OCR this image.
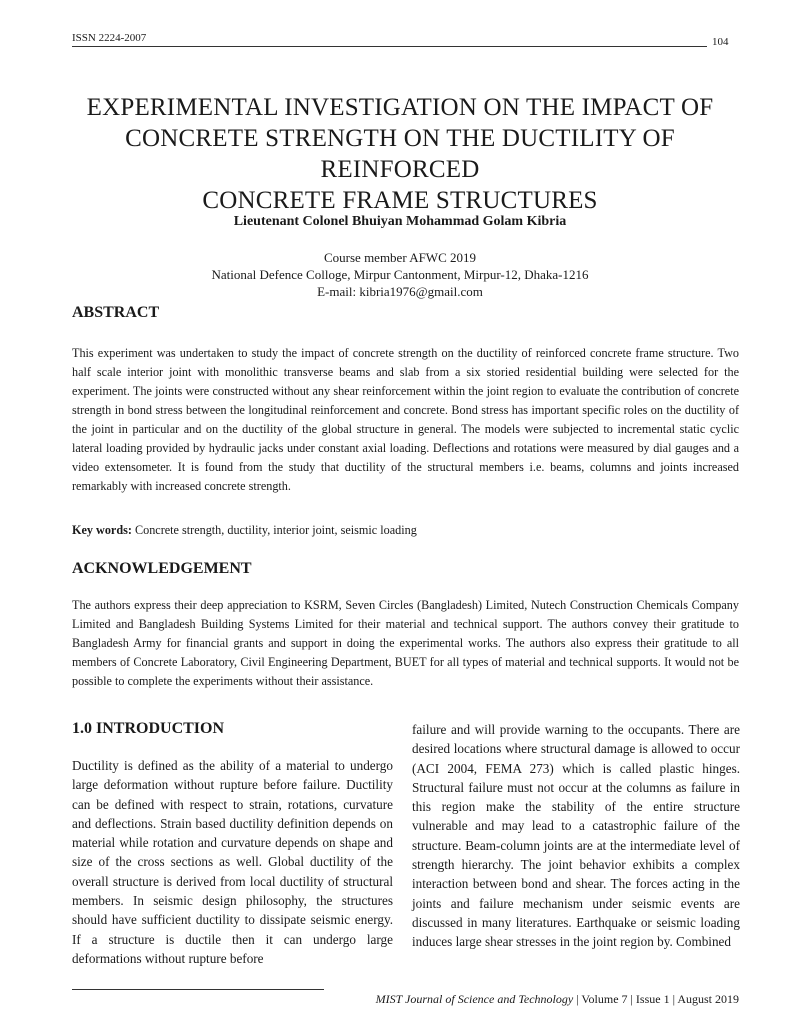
ISSN 2224-2007	104
EXPERIMENTAL INVESTIGATION ON THE IMPACT OF
CONCRETE STRENGTH ON THE DUCTILITY OF REINFORCED
CONCRETE FRAME STRUCTURES
Lieutenant Colonel Bhuiyan Mohammad Golam Kibria
Course member AFWC 2019
National Defence Colloge, Mirpur Cantonment, Mirpur-12, Dhaka-1216
E-mail: kibria1976@gmail.com
ABSTRACT
This experiment was undertaken to study the impact of concrete strength on the ductility of reinforced concrete frame structure. Two half scale interior joint with monolithic transverse beams and slab from a six storied residential building were selected for the experiment. The joints were constructed without any shear reinforcement within the joint region to evaluate the contribution of concrete strength in bond stress between the longitudinal reinforcement and concrete. Bond stress has important specific roles on the ductility of the joint in particular and on the ductility of the global structure in general. The models were subjected to incremental static cyclic lateral loading provided by hydraulic jacks under constant axial loading. Deflections and rotations were measured by dial gauges and a video extensometer. It is found from the study that ductility of the structural members i.e. beams, columns and joints increased remarkably with increased concrete strength.
Key words: Concrete strength, ductility, interior joint, seismic loading
ACKNOWLEDGEMENT
The authors express their deep appreciation to KSRM, Seven Circles (Bangladesh) Limited, Nutech Construction Chemicals Company Limited and Bangladesh Building Systems Limited for their material and technical support. The authors convey their gratitude to Bangladesh Army for financial grants and support in doing the experimental works. The authors also express their gratitude to all members of Concrete Laboratory, Civil Engineering Department, BUET for all types of material and technical supports. It would not be possible to complete the experiments without their assistance.
1.0 INTRODUCTION
Ductility is defined as the ability of a material to undergo large deformation without rupture before failure. Ductility can be defined with respect to strain, rotations, curvature and deflections. Strain based ductility definition depends on material while rotation and curvature depends on shape and size of the cross sections as well. Global ductility of the overall structure is derived from local ductility of structural members. In seismic design philosophy, the structures should have sufficient ductility to dissipate seismic energy. If a structure is ductile then it can undergo large deformations without rupture before
failure and will provide warning to the occupants. There are desired locations where structural damage is allowed to occur (ACI 2004, FEMA 273) which is called plastic hinges. Structural failure must not occur at the columns as failure in this region make the stability of the entire structure vulnerable and may lead to a catastrophic failure of the structure. Beam-column joints are at the intermediate level of strength hierarchy. The joint behavior exhibits a complex interaction between bond and shear. The forces acting in the joints and failure mechanism under seismic events are discussed in many literatures. Earthquake or seismic loading induces large shear stresses in the joint region by. Combined
MIST Journal of Science and Technology | Volume 7 | Issue 1 | August 2019
